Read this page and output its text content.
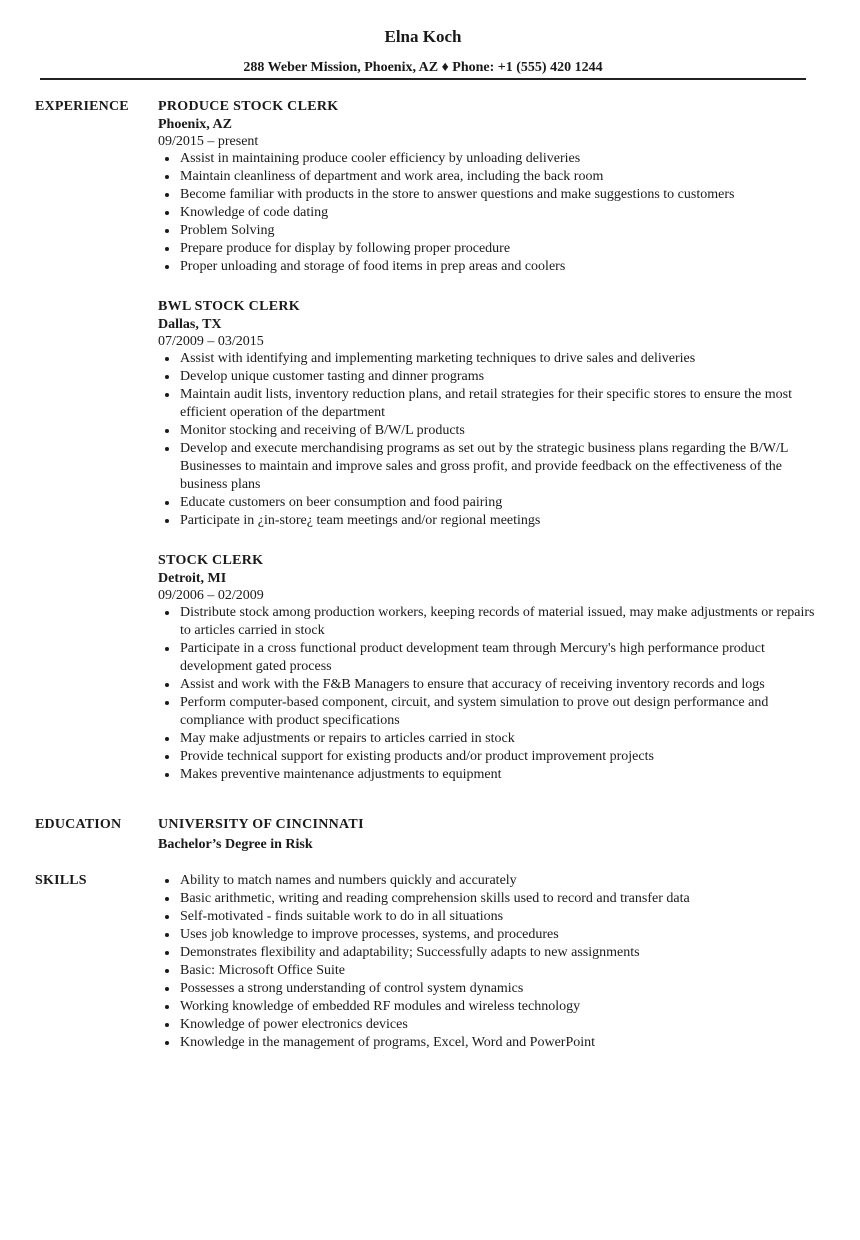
Elna Koch
288 Weber Mission, Phoenix, AZ ♦ Phone: +1 (555) 420 1244
EXPERIENCE PRODUCE STOCK CLERK
Phoenix, AZ
09/2015 – present
Assist in maintaining produce cooler efficiency by unloading deliveries
Maintain cleanliness of department and work area, including the back room
Become familiar with products in the store to answer questions and make suggestions to customers
Knowledge of code dating
Problem Solving
Prepare produce for display by following proper procedure
Proper unloading and storage of food items in prep areas and coolers
BWL STOCK CLERK
Dallas, TX
07/2009 – 03/2015
Assist with identifying and implementing marketing techniques to drive sales and deliveries
Develop unique customer tasting and dinner programs
Maintain audit lists, inventory reduction plans, and retail strategies for their specific stores to ensure the most efficient operation of the department
Monitor stocking and receiving of B/W/L products
Develop and execute merchandising programs as set out by the strategic business plans regarding the B/W/L Businesses to maintain and improve sales and gross profit, and provide feedback on the effectiveness of the business plans
Educate customers on beer consumption and food pairing
Participate in ¿in-store¿ team meetings and/or regional meetings
STOCK CLERK
Detroit, MI
09/2006 – 02/2009
Distribute stock among production workers, keeping records of material issued, may make adjustments or repairs to articles carried in stock
Participate in a cross functional product development team through Mercury's high performance product development gated process
Assist and work with the F&B Managers to ensure that accuracy of receiving inventory records and logs
Perform computer-based component, circuit, and system simulation to prove out design performance and compliance with product specifications
May make adjustments or repairs to articles carried in stock
Provide technical support for existing products and/or product improvement projects
Makes preventive maintenance adjustments to equipment
EDUCATION	UNIVERSITY OF CINCINNATI
Bachelor’s Degree in Risk
SKILLS	Ability to match names and numbers quickly and accurately
Basic arithmetic, writing and reading comprehension skills used to record and transfer data
Self-motivated - finds suitable work to do in all situations
Uses job knowledge to improve processes, systems, and procedures
Demonstrates flexibility and adaptability; Successfully adapts to new assignments
Basic: Microsoft Office Suite
Possesses a strong understanding of control system dynamics
Working knowledge of embedded RF modules and wireless technology
Knowledge of power electronics devices
Knowledge in the management of programs, Excel, Word and PowerPoint
